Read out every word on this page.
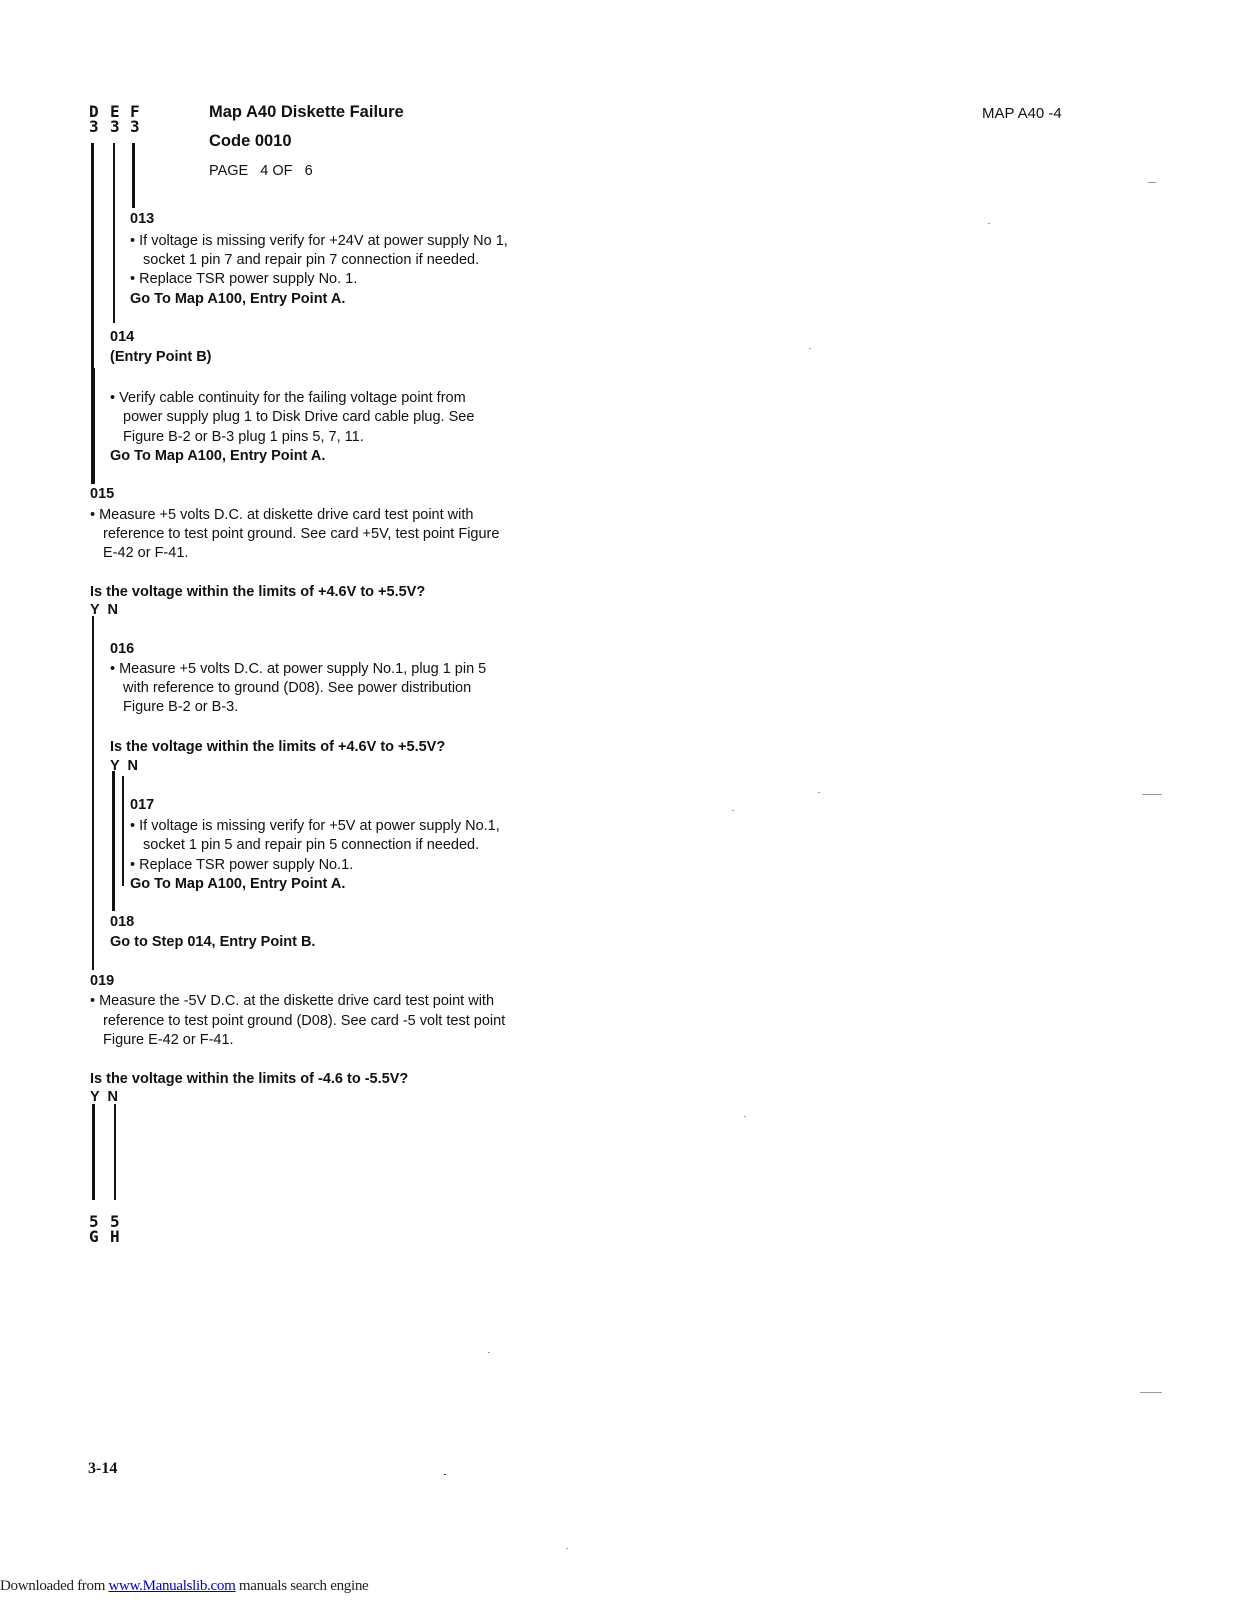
D E F
3 3 3
Map A40 Diskette Failure
Code 0010
PAGE   4 OF   6
MAP A40 -4
013
• If voltage is missing verify for +24V at power supply No 1,
socket 1 pin 7 and repair pin 7 connection if needed.
• Replace TSR power supply No. 1.
Go To Map A100, Entry Point A.
014
(Entry Point B)
• Verify cable continuity for the failing voltage point from
power supply plug 1 to Disk Drive card cable plug. See
Figure B-2 or B-3 plug 1 pins 5, 7, 11.
Go To Map A100, Entry Point A.
015
• Measure +5 volts D.C. at diskette drive card test point with
reference to test point ground. See card +5V, test point Figure
E-42 or F-41.
Is the voltage within the limits of +4.6V to +5.5V?
Y  N
016
• Measure +5 volts D.C. at power supply No.1, plug 1 pin 5
with reference to ground (D08). See power distribution
Figure B-2 or B-3.
Is the voltage within the limits of +4.6V to +5.5V?
Y  N
017
• If voltage is missing verify for +5V at power supply No.1,
socket 1 pin 5 and repair pin 5 connection if needed.
• Replace TSR power supply No.1.
Go To Map A100, Entry Point A.
018
Go to Step 014, Entry Point B.
019
• Measure the -5V D.C. at the diskette drive card test point with
reference to test point ground (D08). See card -5 volt test point
Figure E-42 or F-41.
Is the voltage within the limits of -4.6 to -5.5V?
Y  N
5 5
G H
3-14
Downloaded from www.Manualslib.com manuals search engine
